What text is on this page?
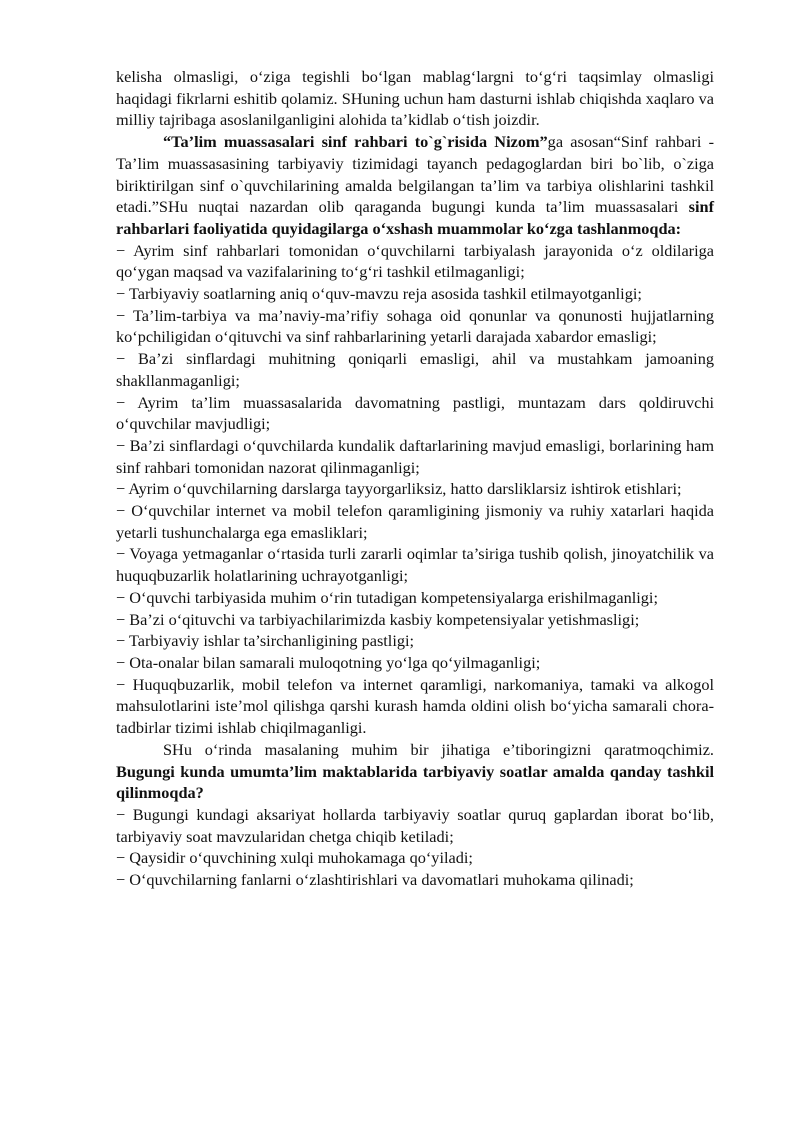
kelisha olmasligi, oʻziga tegishli boʻlgan mablagʻlargni toʻgʻri taqsimlay olmasligi haqidagi fikrlarni eshitib qolamiz. SHuning uchun ham dasturni ishlab chiqishda xaqlaro va milliy tajribaga asoslanilganligini alohida ta’kidlab oʻtish joizdir.

“Ta’lim muassasalari sinf rahbari to`g`risida Nizom”ga asosan“Sinf rahbari - Ta’lim muassasasining tarbiyaviy tizimidagi tayanch pedagoglardan biri bo`lib, o`ziga biriktirilgan sinf o`quvchilarining amalda belgilangan ta’lim va tarbiya olishlarini tashkil etadi.”SHu nuqtai nazardan olib qaraganda bugungi kunda ta’lim muassasalari sinf rahbarlari faoliyatida quyidagilarga oʻxshash muammolar koʻzga tashlanmoqda:

− Ayrim sinf rahbarlari tomonidan oʻquvchilarni tarbiyalash jarayonida oʻz oldilariga qoʻygan maqsad va vazifalarining toʻgʻri tashkil etilmaganligi;

− Tarbiyaviy soatlarning aniq oʻquv-mavzu reja asosida tashkil etilmayotganligi;

− Ta’lim-tarbiya va ma’naviy-ma’rifiy sohaga oid qonunlar va qonunosti hujjatlarning koʻpchiligidan oʻqituvchi va sinf rahbarlarining yetarli darajada xabardor emasligi;

− Ba’zi sinflardagi muhitning qoniqarli emasligi, ahil va mustahkam jamoaning shakllanmaganligi;

− Ayrim ta’lim muassasalarida davomatning pastligi, muntazam dars qoldiruvchi oʻquvchilar mavjudligi;

− Ba’zi sinflardagi oʻquvchilarda kundalik daftarlarining mavjud emasligi, borlarining ham sinf rahbari tomonidan nazorat qilinmaganligi;

− Ayrim oʻquvchilarning darslarga tayyorgarliksiz, hatto darsliklarsiz ishtirok etishlari;

− Oʻquvchilar internet va mobil telefon qaramligining jismoniy va ruhiy xatarlari haqida yetarli tushunchalarga ega emasliklari;

− Voyaga yetmaganlar oʻrtasida turli zararli oqimlar ta’siriga tushib qolish, jinoyatchilik va huquqbuzarlik holatlarining uchrayotganligi;

− Oʻquvchi tarbiyasida muhim oʻrin tutadigan kompetensiyalarga erishilmaganligi;

− Ba’zi oʻqituvchi va tarbiyachilarimizda kasbiy kompetensiyalar yetishmasligi;

− Tarbiyaviy ishlar ta’sirchanligining pastligi;

− Ota-onalar bilan samarali muloqotning yoʻlga qoʻyilmaganligi;

− Huquqbuzarlik, mobil telefon va internet qaramligi, narkomaniya, tamaki va alkogol mahsulotlarini iste’mol qilishga qarshi kurash hamda oldini olish boʻyicha samarali chora-tadbirlar tizimi ishlab chiqilmaganligi.

SHu oʻrinda masalaning muhim bir jihatiga e’tiboringizni qaratmoqchimiz. Bugungi kunda umumta’lim maktablarida tarbiyaviy soatlar amalda qanday tashkil qilinmoqda?

− Bugungi kundagi aksariyat hollarda tarbiyaviy soatlar quruq gaplardan iborat boʻlib, tarbiyaviy soat mavzularidan chetga chiqib ketiladi;

− Qaysidir oʻquvchining xulqi muhokamaga qoʻyiladi;

− Oʻquvchilarning fanlarni oʻzlashtirishlari va davomatlari muhokama qilinadi;
